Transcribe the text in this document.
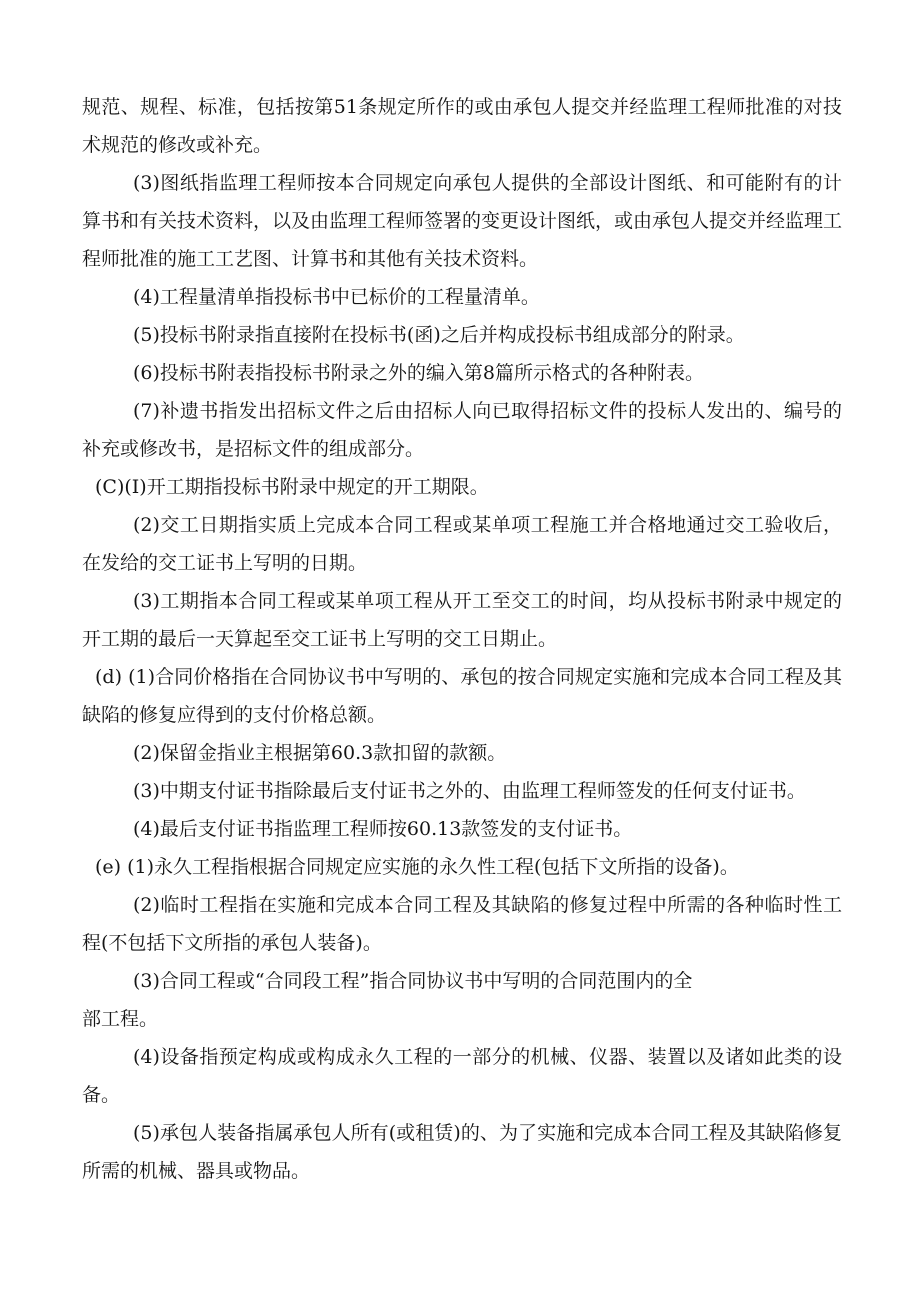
规范、规程、标准，包括按第51条规定所作的或由承包人提交并经监理工程师批准的对技术规范的修改或补充。

(3)图纸指监理工程师按本合同规定向承包人提供的全部设计图纸、和可能附有的计算书和有关技术资料，以及由监理工程师签署的变更设计图纸，或由承包人提交并经监理工程师批准的施工工艺图、计算书和其他有关技术资料。

(4)工程量清单指投标书中已标价的工程量清单。

(5)投标书附录指直接附在投标书(函)之后并构成投标书组成部分的附录。

(6)投标书附表指投标书附录之外的编入第8篇所示格式的各种附表。

(7)补遗书指发出招标文件之后由招标人向已取得招标文件的投标人发出的、编号的补充或修改书，是招标文件的组成部分。

(C)(I)开工期指投标书附录中规定的开工期限。

(2)交工日期指实质上完成本合同工程或某单项工程施工并合格地通过交工验收后，在发给的交工证书上写明的日期。

(3)工期指本合同工程或某单项工程从开工至交工的时间，均从投标书附录中规定的开工期的最后一天算起至交工证书上写明的交工日期止。

(d) (1)合同价格指在合同协议书中写明的、承包的按合同规定实施和完成本合同工程及其缺陷的修复应得到的支付价格总额。

(2)保留金指业主根据第60.3款扣留的款额。

(3)中期支付证书指除最后支付证书之外的、由监理工程师签发的任何支付证书。

(4)最后支付证书指监理工程师按60.13款签发的支付证书。

(e) (1)永久工程指根据合同规定应实施的永久性工程(包括下文所指的设备)。

(2)临时工程指在实施和完成本合同工程及其缺陷的修复过程中所需的各种临时性工程(不包括下文所指的承包人装备)。

(3)合同工程或“合同段工程”指合同协议书中写明的合同范围内的全

部工程。

(4)设备指预定构成或构成永久工程的一部分的机械、仪器、装置以及诸如此类的设备。

(5)承包人装备指属承包人所有(或租赁)的、为了实施和完成本合同工程及其缺陷修复所需的机械、器具或物品。
